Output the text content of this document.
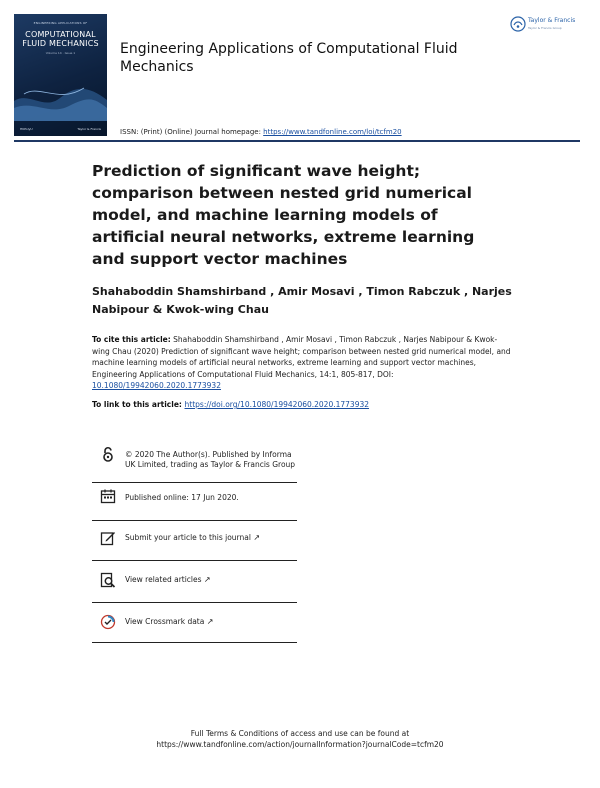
ENGINEERING APPLICATIONS OF
COMPUTATIONAL FLUID MECHANICS
Volume 14 · Issue 1
HKPolyU	Taylor & Francis
Engineering Applications of Computational Fluid Mechanics
Taylor & Francis
Taylor & Francis Group
ISSN: (Print) (Online) Journal homepage: https://www.tandfonline.com/loi/tcfm20
Prediction of significant wave height; comparison between nested grid numerical model, and machine learning models of artificial neural networks, extreme learning and support vector machines
Shahaboddin Shamshirband , Amir Mosavi , Timon Rabczuk , Narjes Nabipour & Kwok-wing Chau
To cite this article: Shahaboddin Shamshirband , Amir Mosavi , Timon Rabczuk , Narjes Nabipour & Kwok-wing Chau (2020) Prediction of significant wave height; comparison between nested grid numerical model, and machine learning models of artificial neural networks, extreme learning and support vector machines, Engineering Applications of Computational Fluid Mechanics, 14:1, 805-817, DOI: 10.1080/19942060.2020.1773932
To link to this article: https://doi.org/10.1080/19942060.2020.1773932
© 2020 The Author(s). Published by Informa UK Limited, trading as Taylor & Francis Group
Published online: 17 Jun 2020.
Submit your article to this journal ↗
View related articles ↗
View Crossmark data ↗
Full Terms & Conditions of access and use can be found at
https://www.tandfonline.com/action/journalInformation?journalCode=tcfm20
